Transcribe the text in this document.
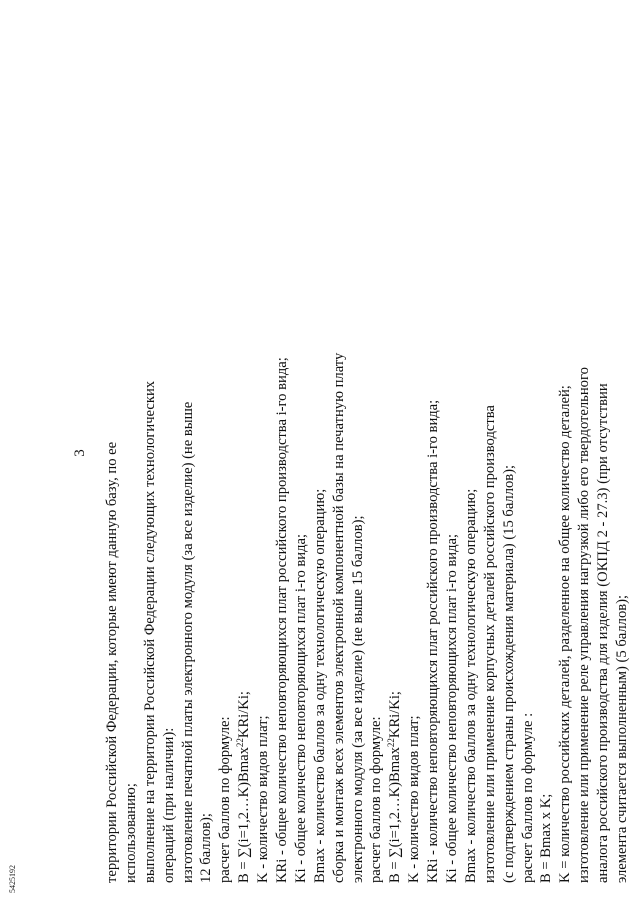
3 территории Российской Федерации, которые имеют данную базу, по ее использованию; выполнение на территории Российской Федерации следующих технологических операций (при наличии): изготовление печатной платы электронного модуля (за все изделие) (не выше 12 баллов); расчет баллов по формуле: B = ∑(i=1,2…K)Bmax$^{22}$KRi/Ki;
K - количество видов плат; KRi - общее количество неповторяющихся плат российского производства i-го вида; Ki - общее количество неповторяющихся плат i-го вида; Bmax - количество баллов за одну технологическую операцию; сборка и монтаж всех элементов электронной компонентной базы на печатную плату электронного модуля (за все изделие) (не выше 15 баллов); расчет баллов по формуле: B = ∑(i=1,2…K)Bmax$^{22}$KRi/Ki;
K - количество видов плат; KRi - количество неповторяющихся плат российского производства i-го вида; Ki - общее количество неповторяющихся плат i-го вида; Bmax - количество баллов за одну технологическую операцию; изготовление или применение корпусных деталей российского производства (с подтверждением страны происхождения материала) (15 баллов); расчет баллов по формуле : B = Bmax x K; K = количество российских деталей, разделенное на общее количество деталей; изготовление или применение реле управления нагрузкой либо его твердотельного аналога российского производства для изделия (ОКПД 2 - 27.3) (при отсутствии элемента считается выполненным) (5 баллов);
5425192
